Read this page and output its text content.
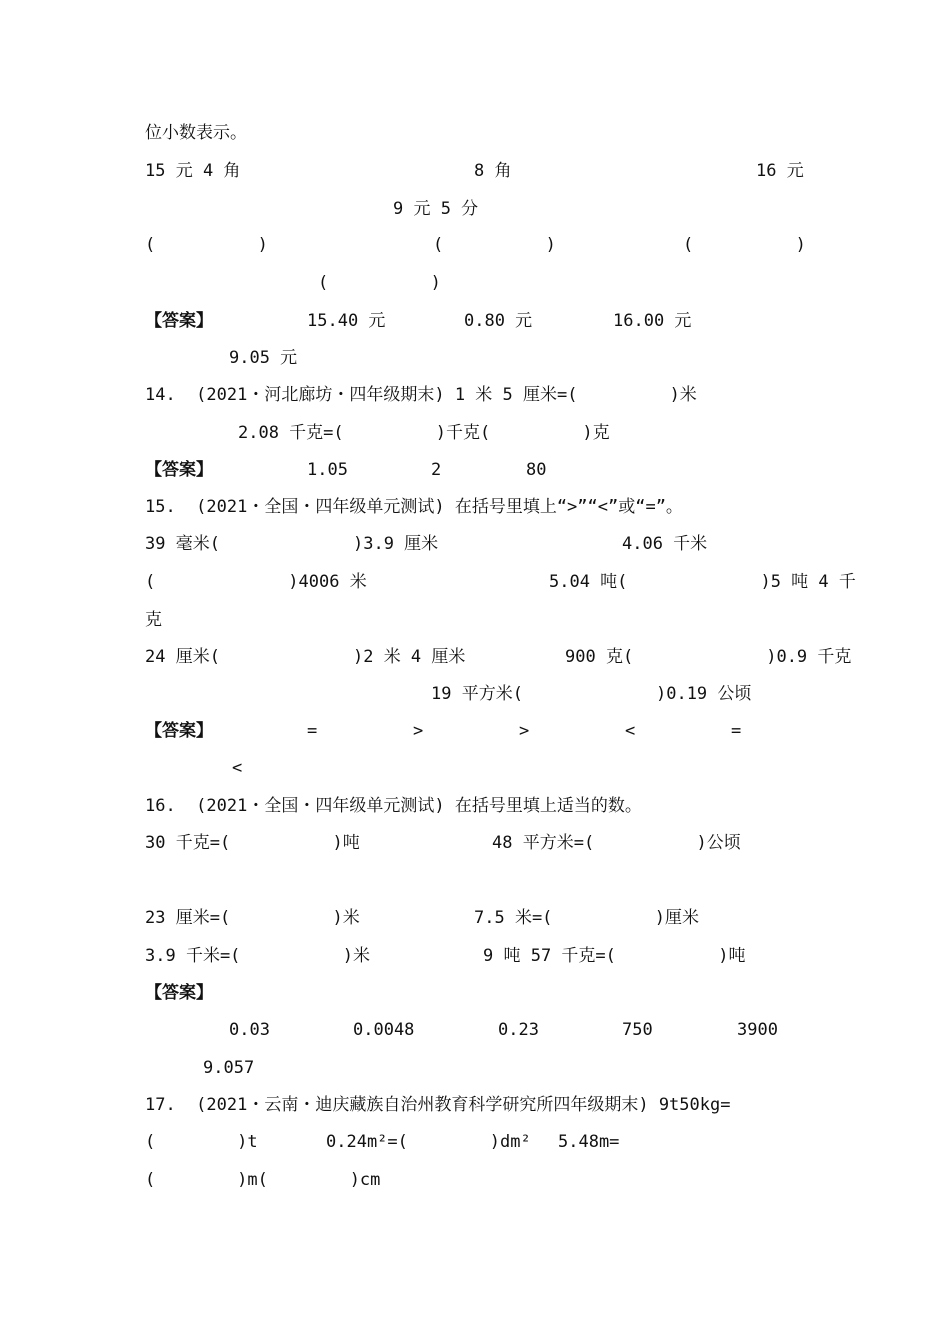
位小数表示。
15 元 4 角	8 角	16 元
9 元 5 分
(          )	(          )	(          )
(          )
【答案】	15.40 元	0.80 元	16.00 元
9.05 元
14.  (2021・河北廊坊・四年级期末) 1 米 5 厘米=(         )米
2.08 千克=(         )千克(         )克
【答案】	1.05	2	80
15.  (2021・全国・四年级单元测试) 在括号里填上“>”“<”或“=”。
39 毫米(             )3.9 厘米	4.06 千米
(             )4006 米	5.04 吨(             )5 吨 4 千
克
24 厘米(             )2 米 4 厘米	900 克(             )0.9 千克
19 平方米(             )0.19 公顷
【答案】	=	>	>	<	=
<
16.  (2021・全国・四年级单元测试) 在括号里填上适当的数。
30 千克=(          )吨	48 平方米=(          )公顷
23 厘米=(          )米	7.5 米=(          )厘米
3.9 千米=(          )米	9 吨 57 千克=(          )吨
【答案】
0.03	0.0048	0.23	750	3900
9.057
17.  (2021・云南・迪庆藏族自治州教育科学研究所四年级期末) 9t50kg=
(        )t	0.24m²=(        )dm² 5.48m=
(        )m(        )cm
